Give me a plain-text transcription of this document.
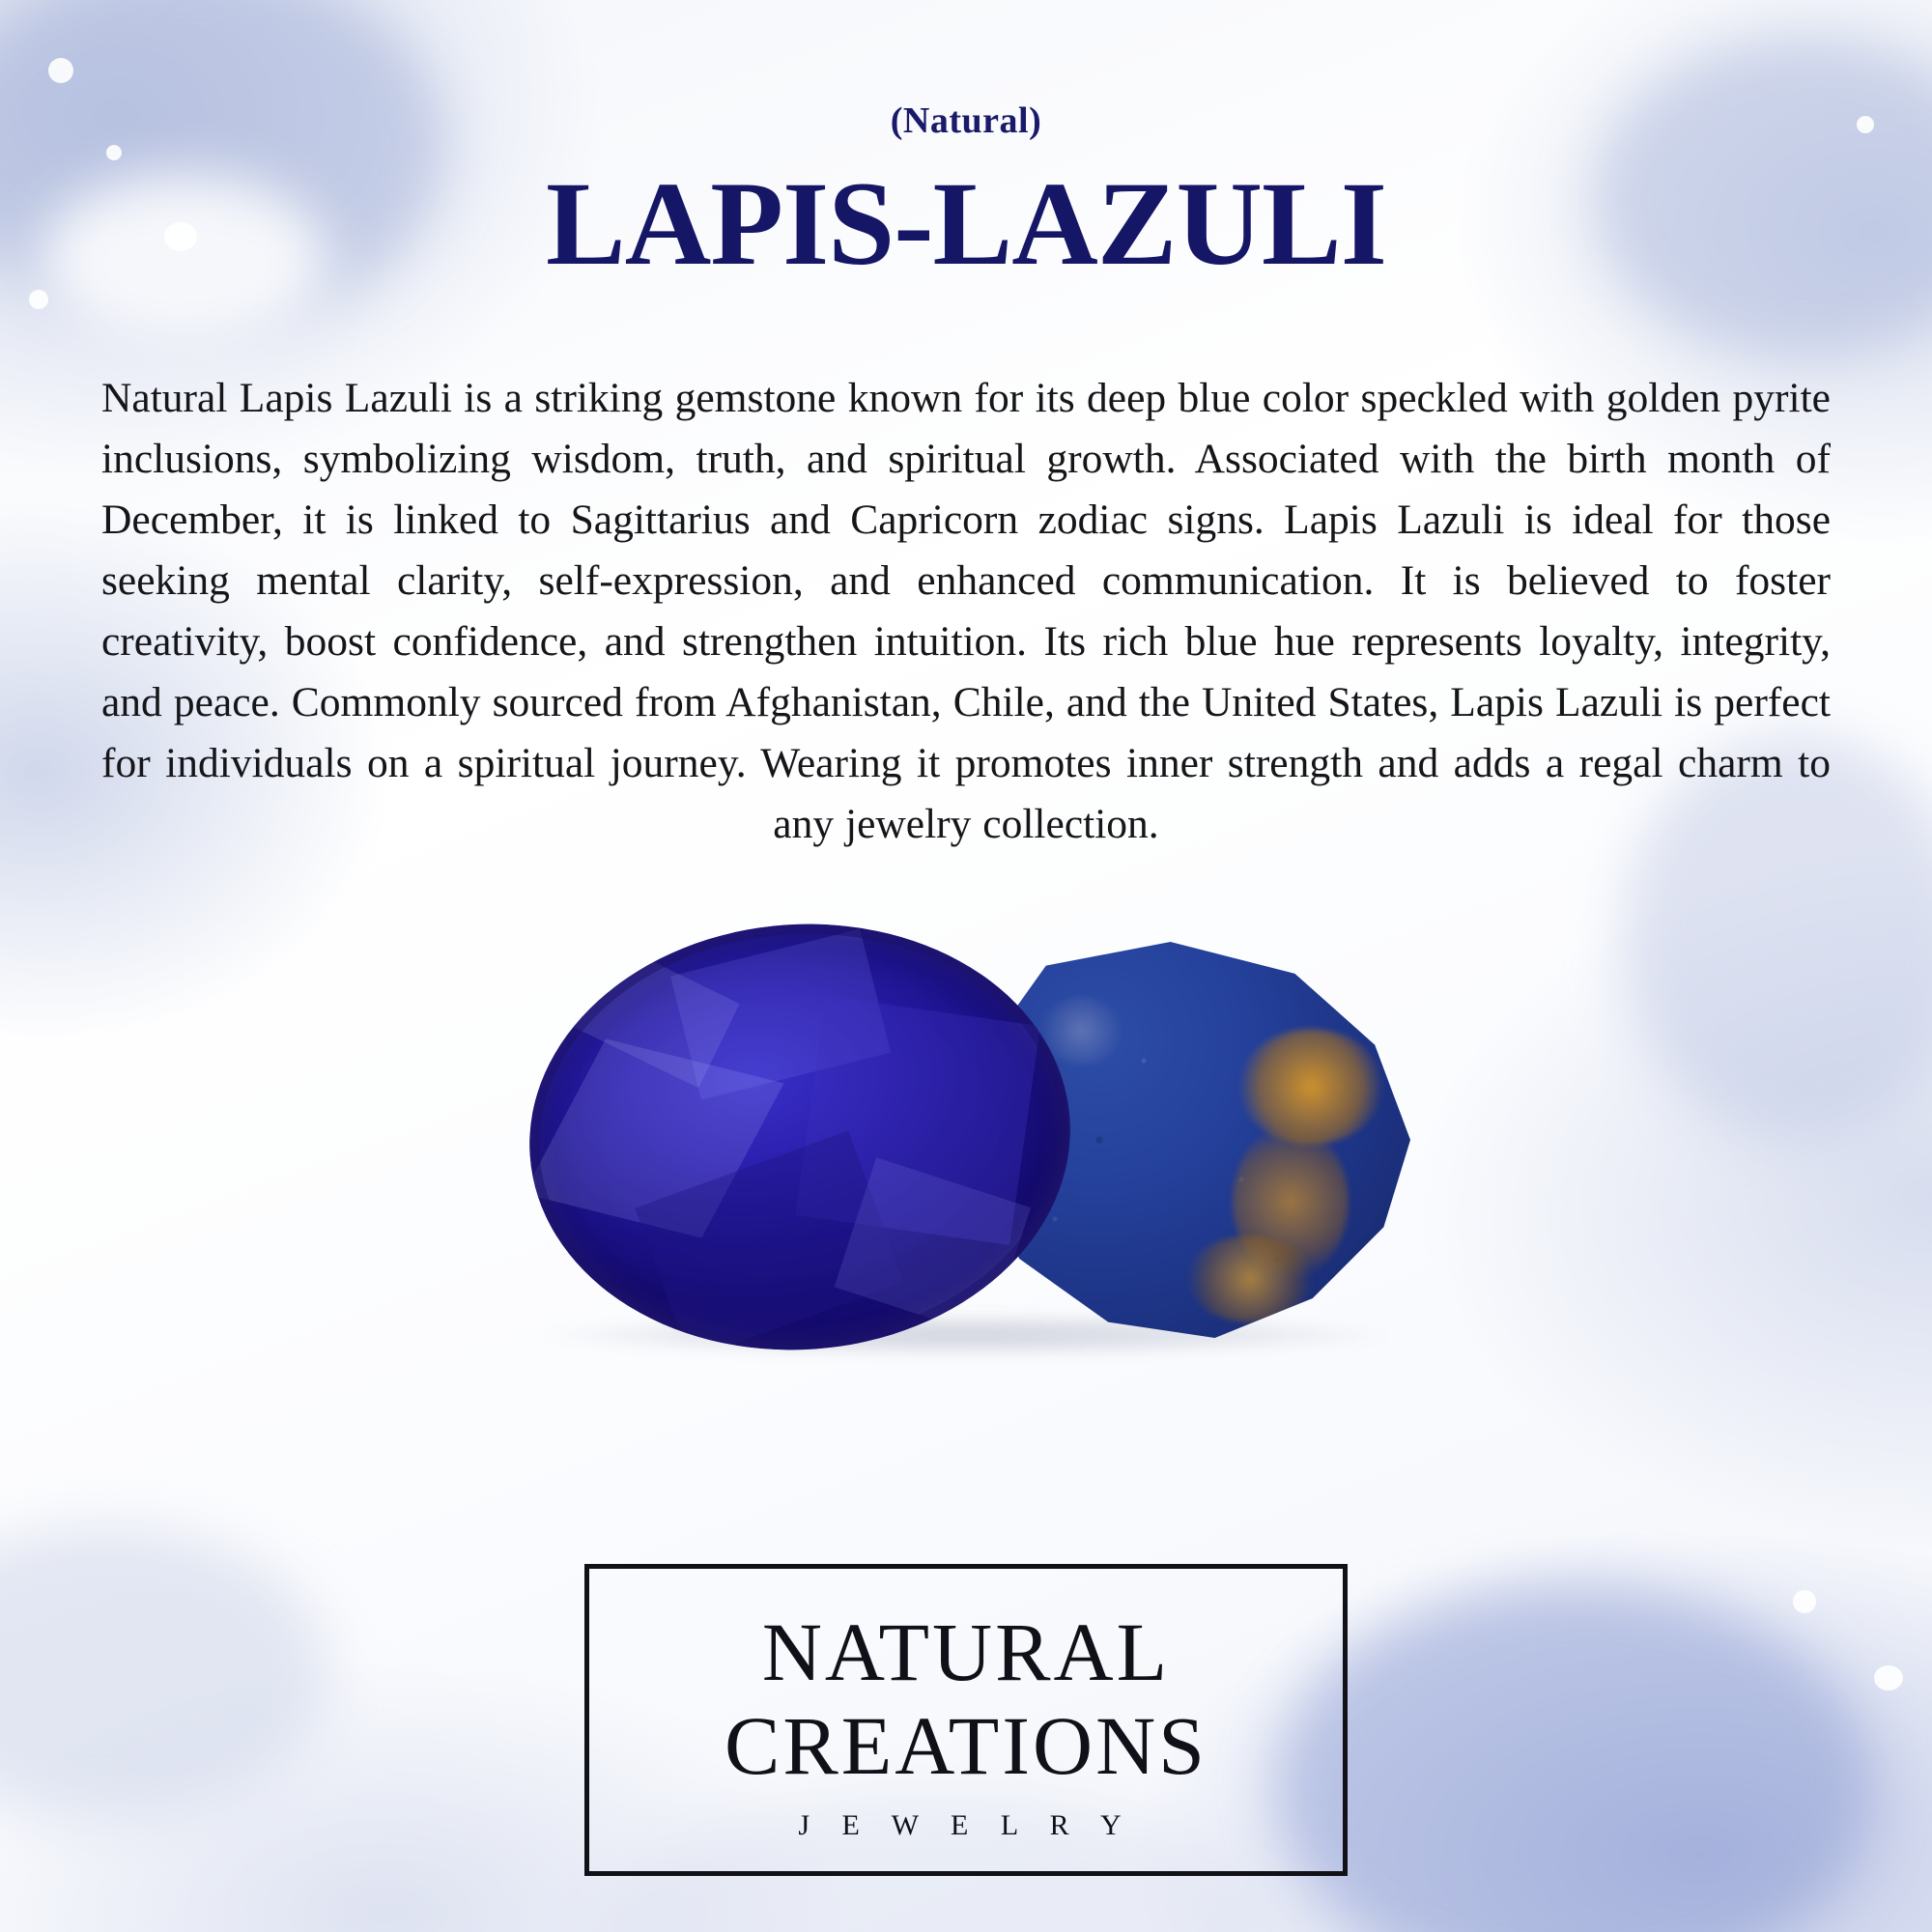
(Natural)
LAPIS-LAZULI

Natural Lapis Lazuli is a striking gemstone known for its deep blue color speckled with golden pyrite inclusions, symbolizing wisdom, truth, and spiritual growth. Associated with the birth month of December, it is linked to Sagittarius and Capricorn zodiac signs. Lapis Lazuli is ideal for those seeking mental clarity, self-expression, and enhanced communication. It is believed to foster creativity, boost confidence, and strengthen intuition. Its rich blue hue represents loyalty, integrity, and peace. Commonly sourced from Afghanistan, Chile, and the United States, Lapis Lazuli is perfect for individuals on a spiritual journey. Wearing it promotes inner strength and adds a regal charm to any jewelry collection.

NATURAL
CREATIONS
J E W E L R Y
